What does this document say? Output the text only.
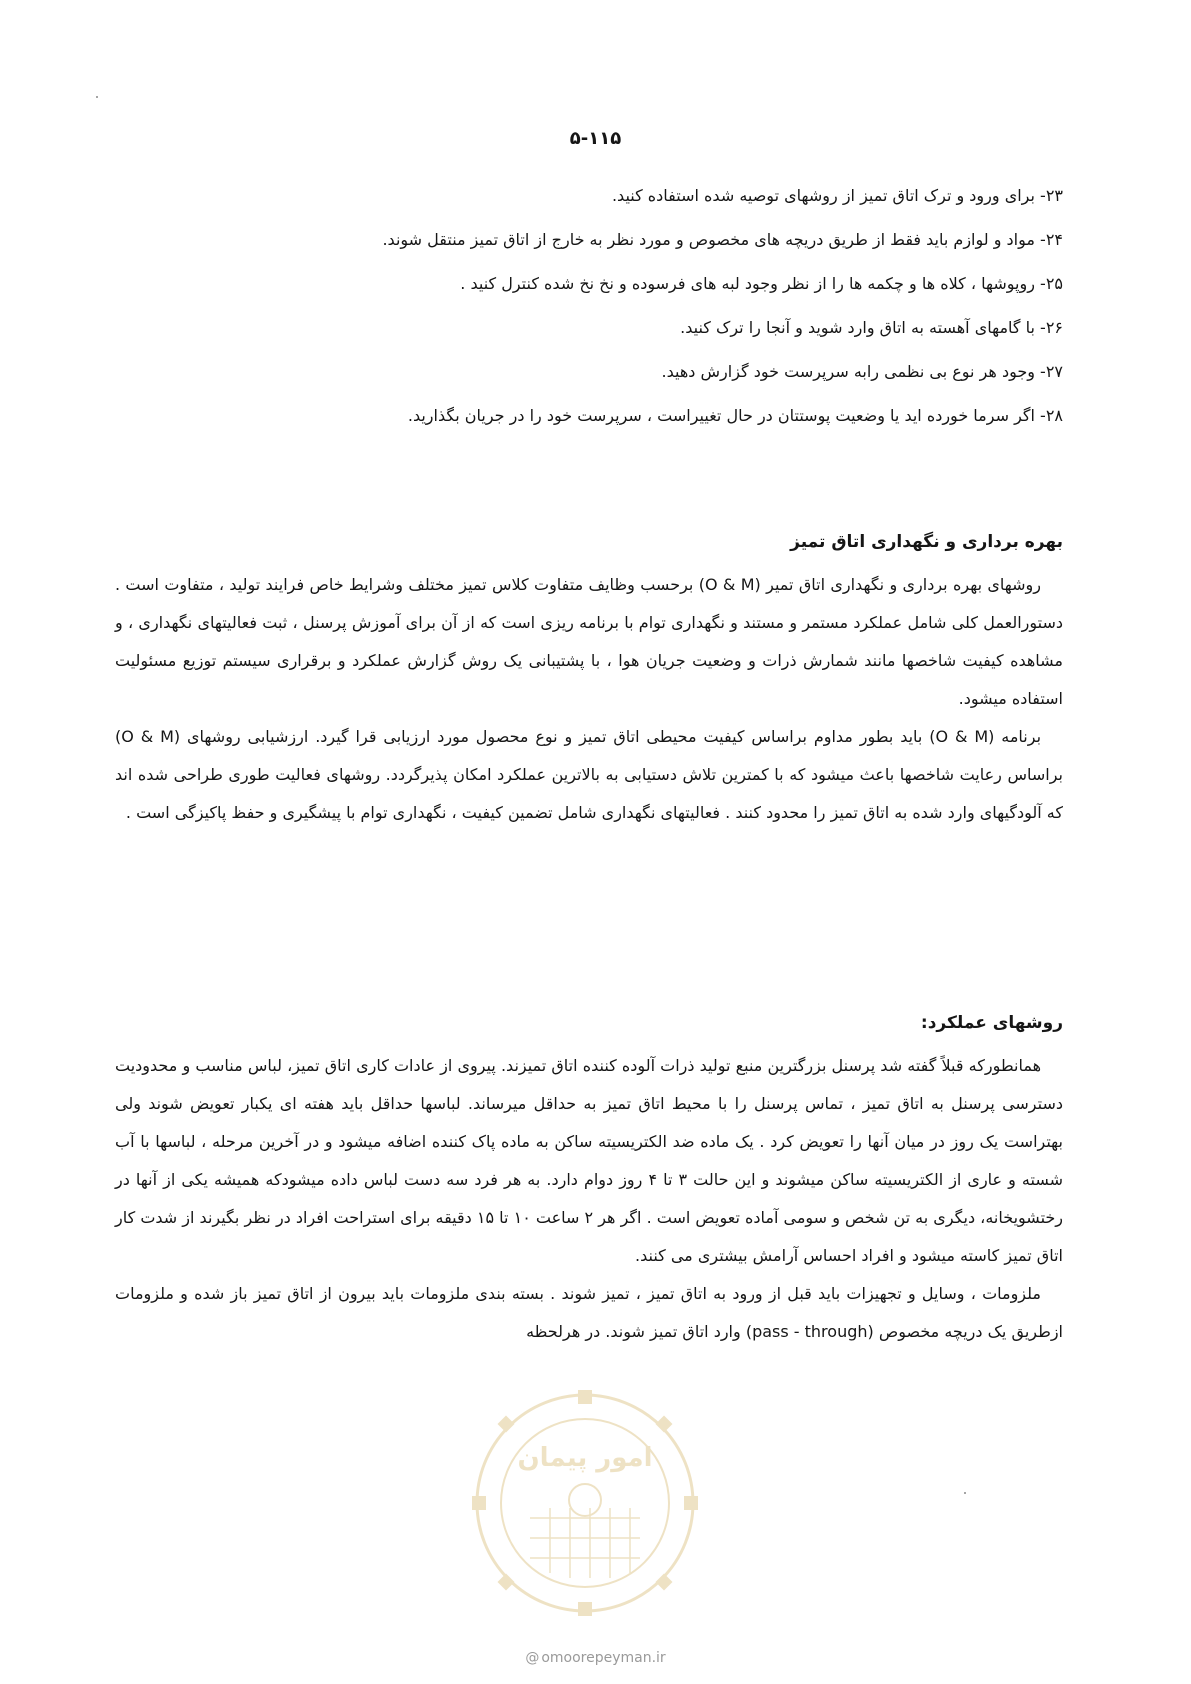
۵-۱۱۵
۲۳- برای ورود و ترک اتاق تمیز از روشهای توصیه شده استفاده کنید.
۲۴- مواد و لوازم باید فقط از طریق دریچه های مخصوص و مورد نظر به خارج از اتاق تمیز منتقل شوند.
۲۵- روپوشها ، کلاه ها و چکمه ها را از نظر وجود لبه های فرسوده و نخ نخ شده کنترل کنید .
۲۶- با گامهای آهسته به اتاق وارد شوید و آنجا را ترک کنید.
۲۷- وجود هر نوع بی نظمی رابه سرپرست خود گزارش دهید.
۲۸- اگر سرما خورده اید یا وضعیت پوستتان در حال تغییراست ، سرپرست خود را در جریان بگذارید.
بهره برداری و نگهداری اتاق تمیز

روشهای بهره برداری و نگهداری اتاق تمیر (O & M) برحسب وظایف متفاوت کلاس تمیز مختلف وشرایط خاص فرایند تولید ، متفاوت است . دستورالعمل کلی شامل عملکرد مستمر و مستند و نگهداری توام با برنامه ریزی است که از آن برای آموزش پرسنل ، ثبت فعالیتهای نگهداری ، و مشاهده کیفیت شاخصها مانند شمارش ذرات و وضعیت جریان هوا ، با پشتیبانی یک روش گزارش عملکرد و برقراری سیستم توزیع مسئولیت استفاده میشود.

برنامه (O & M) باید بطور مداوم براساس کیفیت محیطی اتاق تمیز و نوع محصول مورد ارزیابی قرا گیرد. ارزشیابی روشهای (O & M) براساس رعایت شاخصها باعث میشود که با کمترین تلاش دستیابی به بالاترین عملکرد امکان پذیرگردد. روشهای فعالیت طوری طراحی شده اند که آلودگیهای وارد شده به اتاق تمیز را محدود کنند . فعالیتهای نگهداری شامل تضمین کیفیت ، نگهداری توام با پیشگیری و حفظ پاکیزگی است .

روشهای عملکرد:

همانطورکه قبلاً گفته شد پرسنل بزرگترین منبع تولید ذرات آلوده کننده اتاق تمیزند. پیروی از عادات کاری اتاق تمیز، لباس مناسب و محدودیت دسترسی پرسنل به اتاق تمیز ، تماس پرسنل را با محیط اتاق تمیز به حداقل میرساند. لباسها حداقل باید هفته ای یکبار تعویض شوند ولی بهتراست یک روز در میان آنها را تعویض کرد . یک ماده ضد الکتریسیته ساکن به ماده پاک کننده اضافه میشود و در آخرین مرحله ، لباسها با آب شسته و عاری از الکتریسیته ساکن میشوند و این حالت ۳ تا ۴ روز دوام دارد. به هر فرد سه دست لباس داده میشودکه همیشه یکی از آنها در رختشویخانه، دیگری به تن شخص و سومی آماده تعویض است . اگر هر ۲ ساعت ۱۰ تا ۱۵ دقیقه برای استراحت افراد در نظر بگیرند از شدت کار اتاق تمیز کاسته میشود و افراد احساس آرامش بیشتری می کنند.

ملزومات ، وسایل و تجهیزات باید قبل از ورود به اتاق تمیز ، تمیز شوند . بسته بندی ملزومات باید بیرون از اتاق تمیز باز شده و ملزومات ازطریق یک دریچه مخصوص (pass - through) وارد اتاق تمیز شوند. در هرلحظه

امور پیمان
@ omoorepeyman.ir
